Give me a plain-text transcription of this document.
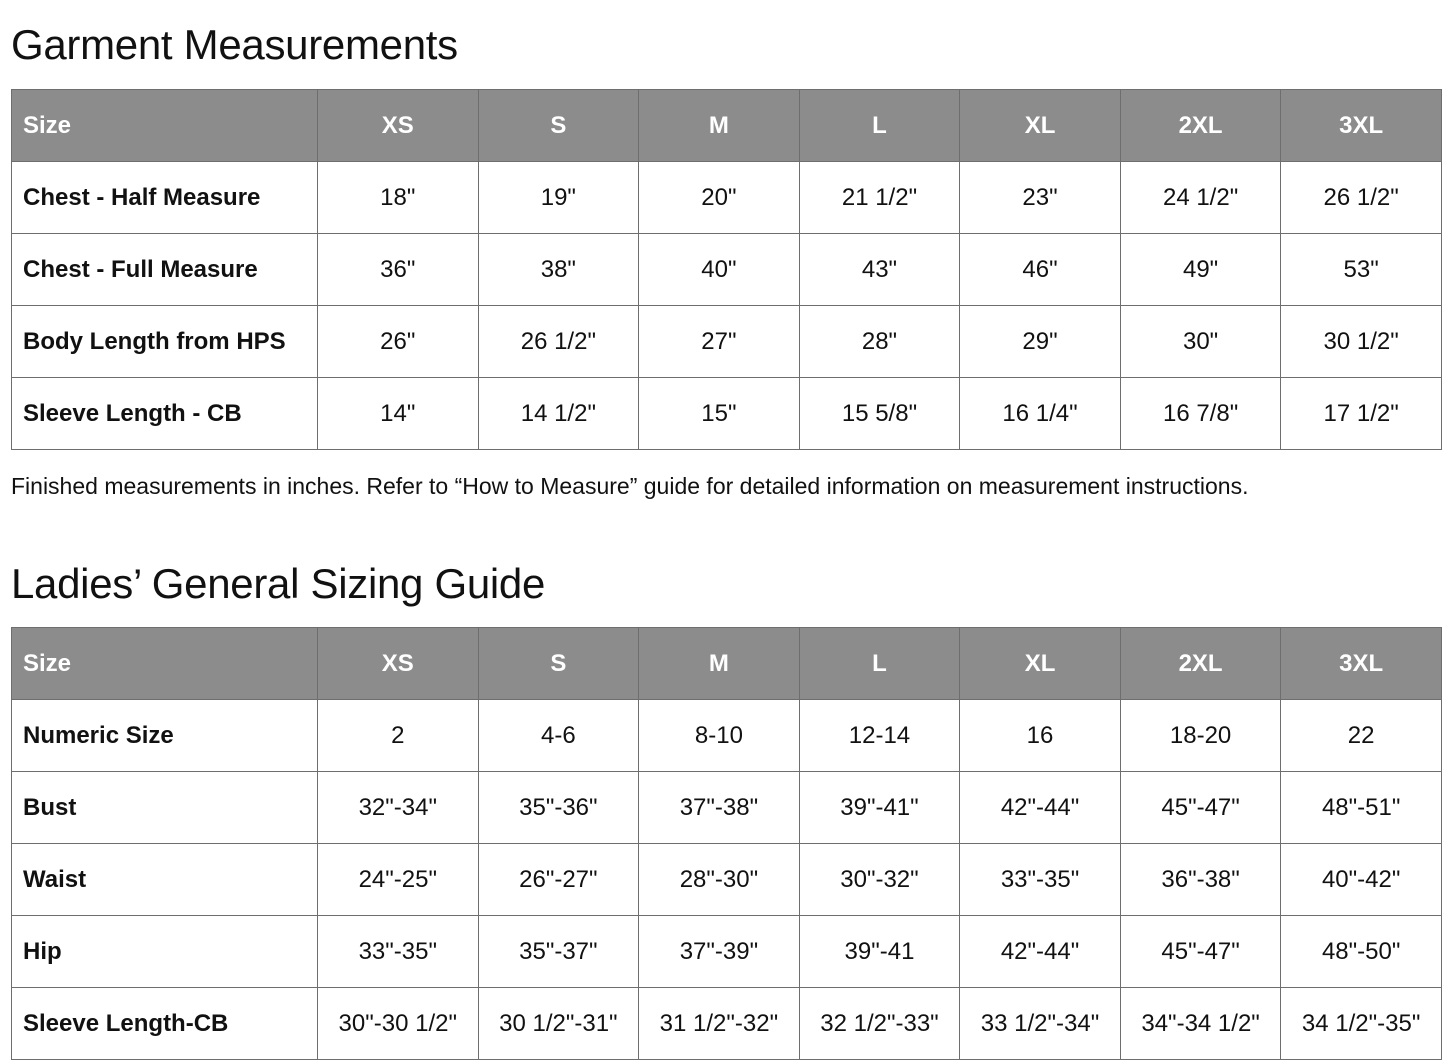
Garment Measurements
Size	XS	S	M	L	XL	2XL	3XL
Chest - Half Measure	18"	19"	20"	21 1/2"	23"	24 1/2"	26 1/2"
Chest - Full Measure	36"	38"	40"	43"	46"	49"	53"
Body Length from HPS	26"	26 1/2"	27"	28"	29"	30"	30 1/2"
Sleeve Length - CB	14"	14 1/2"	15"	15 5/8"	16 1/4"	16 7/8"	17 1/2"

Finished measurements in inches. Refer to “How to Measure” guide for detailed information on measurement instructions.

Ladies’ General Sizing Guide
Size	XS	S	M	L	XL	2XL	3XL
Numeric Size	2	4-6	8-10	12-14	16	18-20	22
Bust	32"-34"	35"-36"	37"-38"	39"-41"	42"-44"	45"-47"	48"-51"
Waist	24"-25"	26"-27"	28"-30"	30"-32"	33"-35"	36"-38"	40"-42"
Hip	33"-35"	35"-37"	37"-39"	39"-41	42"-44"	45"-47"	48"-50"
Sleeve Length-CB	30"-30 1/2"	30 1/2"-31"	31 1/2"-32"	32 1/2"-33"	33 1/2"-34"	34"-34 1/2"	34 1/2"-35"
